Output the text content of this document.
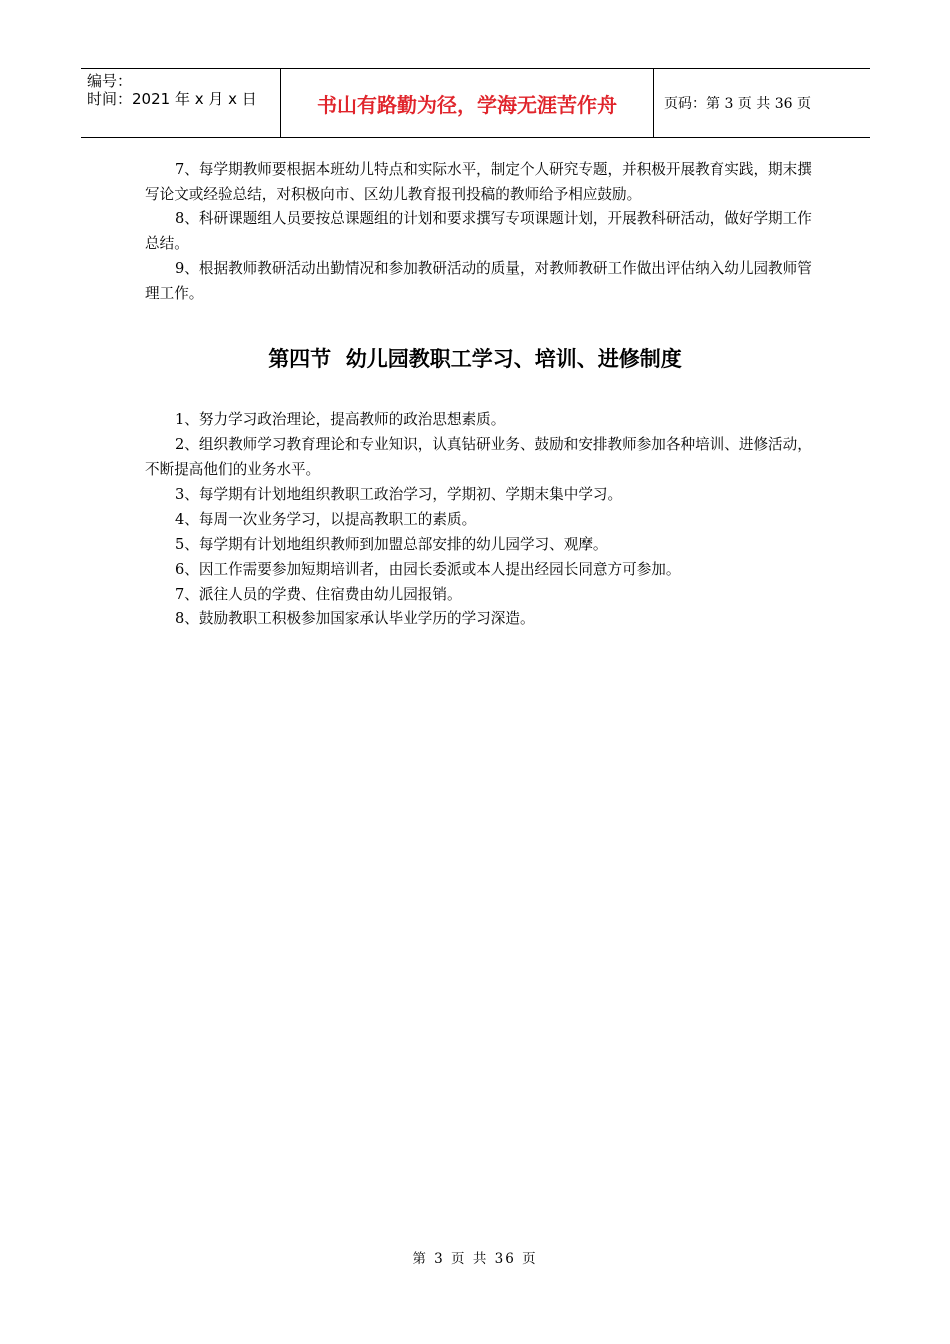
编号：
时间：2021 年 x 月 x 日	书山有路勤为径，学海无涯苦作舟	页码：第 3 页 共 36 页

7、每学期教师要根据本班幼儿特点和实际水平，制定个人研究专题，并积极开展教育实践，期末撰写论文或经验总结，对积极向市、区幼儿教育报刊投稿的教师给予相应鼓励。

8、科研课题组人员要按总课题组的计划和要求撰写专项课题计划，开展教科研活动，做好学期工作总结。

9、根据教师教研活动出勤情况和参加教研活动的质量，对教师教研工作做出评估纳入幼儿园教师管理工作。

第四节  幼儿园教职工学习、培训、进修制度

1、努力学习政治理论，提高教师的政治思想素质。

2、组织教师学习教育理论和专业知识，认真钻研业务、鼓励和安排教师参加各种培训、进修活动，不断提高他们的业务水平。

3、每学期有计划地组织教职工政治学习，学期初、学期末集中学习。

4、每周一次业务学习，以提高教职工的素质。

5、每学期有计划地组织教师到加盟总部安排的幼儿园学习、观摩。

6、因工作需要参加短期培训者，由园长委派或本人提出经园长同意方可参加。

7、派往人员的学费、住宿费由幼儿园报销。

8、鼓励教职工积极参加国家承认毕业学历的学习深造。

第 3 页 共 36 页
